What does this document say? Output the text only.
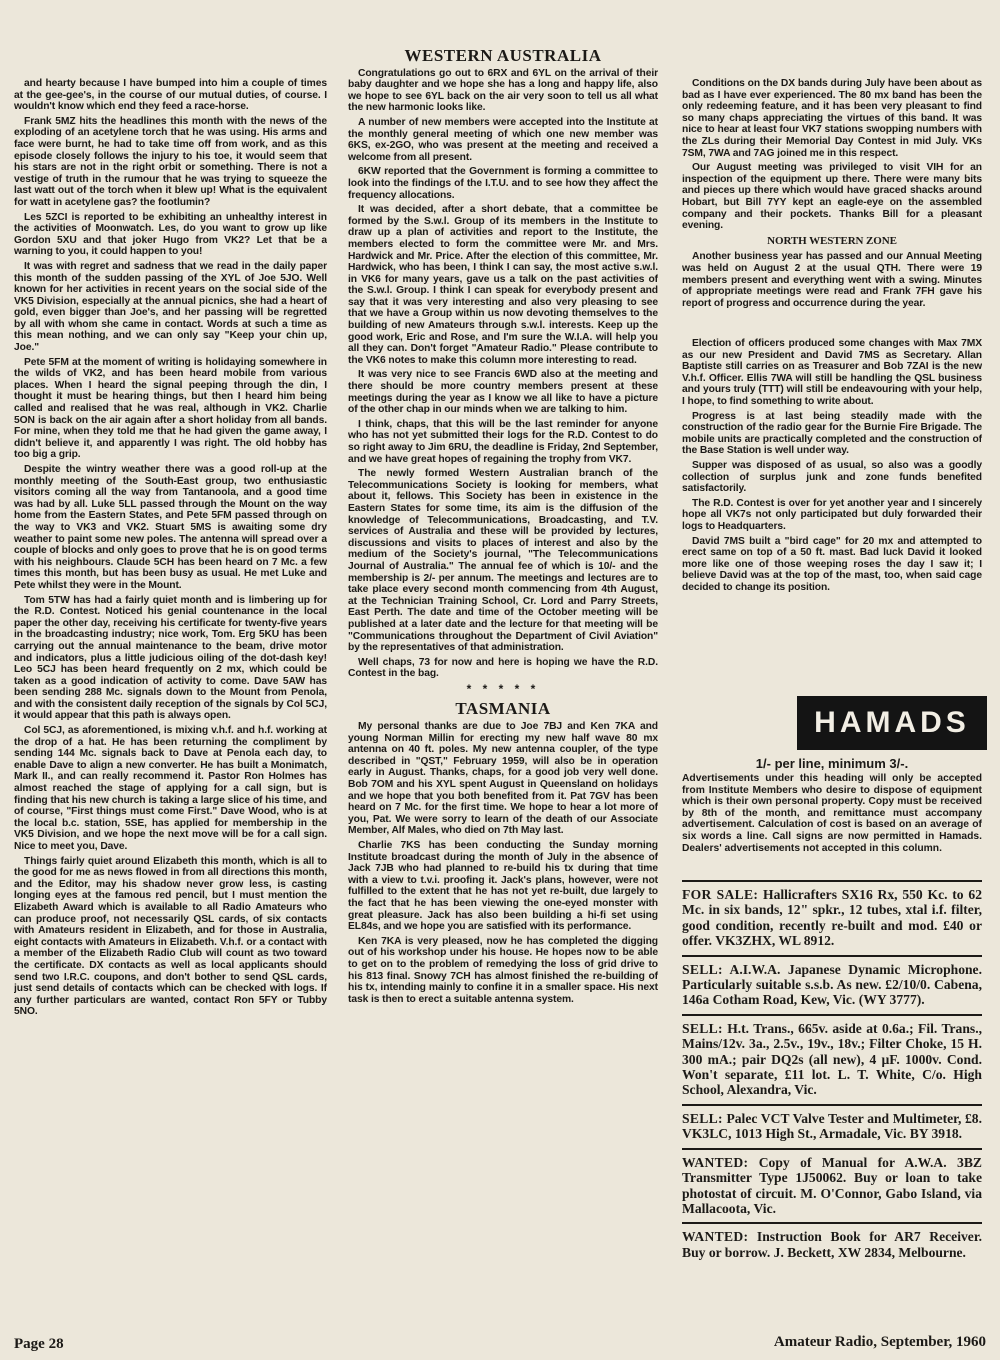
and hearty because I have bumped into him a couple of times at the gee-gee's, in the course of our mutual duties, of course. I wouldn't know which end they feed a race-horse.

Frank 5MZ hits the headlines this month with the news of the exploding of an acetylene torch that he was using. His arms and face were burnt, he had to take time off from work, and as this episode closely follows the injury to his toe, it would seem that his stars are not in the right orbit or something. There is not a vestige of truth in the rumour that he was trying to squeeze the last watt out of the torch when it blew up! What is the equivalent for watt in acetylene gas? the footlumin?

Les 5ZCI is reported to be exhibiting an unhealthy interest in the activities of Moonwatch. Les, do you want to grow up like Gordon 5XU and that joker Hugo from VK2? Let that be a warning to you, it could happen to you!

It was with regret and sadness that we read in the daily paper this month of the sudden passing of the XYL of Joe 5JO. Well known for her activities in recent years on the social side of the VK5 Division, especially at the annual picnics, she had a heart of gold, even bigger than Joe's, and her passing will be regretted by all with whom she came in contact. Words at such a time as this mean nothing, and we can only say "Keep your chin up, Joe."

Pete 5FM at the moment of writing is holidaying somewhere in the wilds of VK2, and has been heard mobile from various places. When I heard the signal peeping through the din, I thought it must be hearing things, but then I heard him being called and realised that he was real, although in VK2. Charlie 5ON is back on the air again after a short holiday from all bands. For mine, when they told me that he had given the game away, I didn't believe it, and apparently I was right. The old hobby has too big a grip.

Despite the wintry weather there was a good roll-up at the monthly meeting of the South-East group, two enthusiastic visitors coming all the way from Tantanoola, and a good time was had by all. Luke 5LL passed through the Mount on the way home from the Eastern States, and Pete 5FM passed through on the way to VK3 and VK2. Stuart 5MS is awaiting some dry weather to paint some new poles. The antenna will spread over a couple of blocks and only goes to prove that he is on good terms with his neighbours. Claude 5CH has been heard on 7 Mc. a few times this month, but has been busy as usual. He met Luke and Pete whilst they were in the Mount.

Tom 5TW has had a fairly quiet month and is limbering up for the R.D. Contest. Noticed his genial countenance in the local paper the other day, receiving his certificate for twenty-five years in the broadcasting industry; nice work, Tom. Erg 5KU has been carrying out the annual maintenance to the beam, drive motor and indicators, plus a little judicious oiling of the dot-dash key! Leo 5CJ has been heard frequently on 2 mx, which could be taken as a good indication of activity to come. Dave 5AW has been sending 288 Mc. signals down to the Mount from Penola, and with the consistent daily reception of the signals by Col 5CJ, it would appear that this path is always open.

Col 5CJ, as aforementioned, is mixing v.h.f. and h.f. working at the drop of a hat. He has been returning the compliment by sending 144 Mc. signals back to Dave at Penola each day, to enable Dave to align a new converter. He has built a Monimatch, Mark II., and can really recommend it. Pastor Ron Holmes has almost reached the stage of applying for a call sign, but is finding that his new church is taking a large slice of his time, and of course, "First things must come First." Dave Wood, who is at the local b.c. station, 5SE, has applied for membership in the VK5 Division, and we hope the next move will be for a call sign. Nice to meet you, Dave.

Things fairly quiet around Elizabeth this month, which is all to the good for me as news flowed in from all directions this month, and the Editor, may his shadow never grow less, is casting longing eyes at the famous red pencil, but I must mention the Elizabeth Award which is available to all Radio Amateurs who can produce proof, not necessarily QSL cards, of six contacts with Amateurs resident in Elizabeth, and for those in Australia, eight contacts with Amateurs in Elizabeth. V.h.f. or a contact with a member of the Elizabeth Radio Club will count as two toward the certificate. DX contacts as well as local applicants should send two I.R.C. coupons, and don't bother to send QSL cards, just send details of contacts which can be checked with logs. If any further particulars are wanted, contact Ron 5FY or Tubby 5NO.

WESTERN AUSTRALIA

Congratulations go out to 6RX and 6YL on the arrival of their baby daughter and we hope she has a long and happy life, also we hope to see 6YL back on the air very soon to tell us all what the new harmonic looks like.

A number of new members were accepted into the Institute at the monthly general meeting of which one new member was 6KS, ex-2GO, who was present at the meeting and received a welcome from all present.

6KW reported that the Government is forming a committee to look into the findings of the I.T.U. and to see how they affect the frequency allocations.

It was decided, after a short debate, that a committee be formed by the S.w.l. Group of its members in the Institute to draw up a plan of activities and report to the Institute, the members elected to form the committee were Mr. and Mrs. Hardwick and Mr. Price. After the election of this committee, Mr. Hardwick, who has been, I think I can say, the most active s.w.l. in VK6 for many years, gave us a talk on the past activities of the S.w.l. Group. I think I can speak for everybody present and say that it was very interesting and also very pleasing to see that we have a Group within us now devoting themselves to the building of new Amateurs through s.w.l. interests. Keep up the good work, Eric and Rose, and I'm sure the W.I.A. will help you all they can. Don't forget "Amateur Radio." Please contribute to the VK6 notes to make this column more interesting to read.

It was very nice to see Francis 6WD also at the meeting and there should be more country members present at these meetings during the year as I know we all like to have a picture of the other chap in our minds when we are talking to him.

I think, chaps, that this will be the last reminder for anyone who has not yet submitted their logs for the R.D. Contest to do so right away to Jim 6RU, the deadline is Friday, 2nd September, and we have great hopes of regaining the trophy from VK7.

The newly formed Western Australian branch of the Telecommunications Society is looking for members, what about it, fellows. This Society has been in existence in the Eastern States for some time, its aim is the diffusion of the knowledge of Telecommunications, Broadcasting, and T.V. services of Australia and these will be provided by lectures, discussions and visits to places of interest and also by the medium of the Society's journal, "The Telecommunications Journal of Australia." The annual fee of which is 10/- and the membership is 2/- per annum. The meetings and lectures are to take place every second month commencing from 4th August, at the Technician Training School, Cr. Lord and Parry Streets, East Perth. The date and time of the October meeting will be published at a later date and the lecture for that meeting will be "Communications throughout the Department of Civil Aviation" by the representatives of that administration.

Well chaps, 73 for now and here is hoping we have the R.D. Contest in the bag.

* * * * *
TASMANIA

My personal thanks are due to Joe 7BJ and Ken 7KA and young Norman Millin for erecting my new half wave 80 mx antenna on 40 ft. poles. My new antenna coupler, of the type described in "QST," February 1959, will also be in operation early in August. Thanks, chaps, for a good job very well done. Bob 7OM and his XYL spent August in Queensland on holidays and we hope that you both benefited from it. Pat 7GV has been heard on 7 Mc. for the first time. We hope to hear a lot more of you, Pat. We were sorry to learn of the death of our Associate Member, Alf Males, who died on 7th May last.

Charlie 7KS has been conducting the Sunday morning Institute broadcast during the month of July in the absence of Jack 7JB who had planned to re-build his tx during that time with a view to t.v.i. proofing it. Jack's plans, however, were not fulfilled to the extent that he has not yet re-built, due largely to the fact that he has been viewing the one-eyed monster with great pleasure. Jack has also been building a hi-fi set using EL84s, and we hope you are satisfied with its performance.

Ken 7KA is very pleased, now he has completed the digging out of his workshop under his house. He hopes now to be able to get on to the problem of remedying the loss of grid drive to his 813 final. Snowy 7CH has almost finished the re-building of his tx, intending mainly to confine it in a smaller space. His next task is then to erect a suitable antenna system.

Conditions on the DX bands during July have been about as bad as I have ever experienced. The 80 mx band has been the only redeeming feature, and it has been very pleasant to find so many chaps appreciating the virtues of this band. It was nice to hear at least four VK7 stations swopping numbers with the ZLs during their Memorial Day Contest in mid July. VKs 7SM, 7WA and 7AG joined me in this respect.

Our August meeting was privileged to visit VIH for an inspection of the equipment up there. There were many bits and pieces up there which would have graced shacks around Hobart, but Bill 7YY kept an eagle-eye on the assembled company and their pockets. Thanks Bill for a pleasant evening.

NORTH WESTERN ZONE

Another business year has passed and our Annual Meeting was held on August 2 at the usual QTH. There were 19 members present and everything went with a swing. Minutes of appropriate meetings were read and Frank 7FH gave his report of progress and occurrence during the year.

Election of officers produced some changes with Max 7MX as our new President and David 7MS as Secretary. Allan Baptiste still carries on as Treasurer and Bob 7ZAI is the new V.h.f. Officer. Ellis 7WA will still be handling the QSL business and yours truly (TTT) will still be endeavouring with your help, I hope, to find something to write about.

Progress is at last being steadily made with the construction of the radio gear for the Burnie Fire Brigade. The mobile units are practically completed and the construction of the Base Station is well under way.

Supper was disposed of as usual, so also was a goodly collection of surplus junk and zone funds benefited satisfactorily.

The R.D. Contest is over for yet another year and I sincerely hope all VK7s not only participated but duly forwarded their logs to Headquarters.

David 7MS built a "bird cage" for 20 mx and attempted to erect same on top of a 50 ft. mast. Bad luck David it looked more like one of those weeping roses the day I saw it; I believe David was at the top of the mast, too, when said cage decided to change its position.

HAMADS
1/- per line, minimum 3/-.
Advertisements under this heading will only be accepted from Institute Members who desire to dispose of equipment which is their own personal property. Copy must be received by 8th of the month, and remittance must accompany advertisement. Calculation of cost is based on an average of six words a line. Call signs are now permitted in Hamads. Dealers' advertisements not accepted in this column.
FOR SALE: Hallicrafters SX16 Rx, 550 Kc. to 62 Mc. in six bands, 12" spkr., 12 tubes, xtal i.f. filter, good condition, recently re-built and mod. £40 or offer. VK3ZHX, WL 8912.
SELL: A.I.W.A. Japanese Dynamic Microphone. Particularly suitable s.s.b. As new. £2/10/0. Cabena, 146a Cotham Road, Kew, Vic. (WY 3777).
SELL: H.t. Trans., 665v. aside at 0.6a.; Fil. Trans., Mains/12v. 3a., 2.5v., 19v., 18v.; Filter Choke, 15 H. 300 mA.; pair DQ2s (all new), 4 µF. 1000v. Cond. Won't separate, £11 lot. L. T. White, C/o. High School, Alexandra, Vic.
SELL: Palec VCT Valve Tester and Multimeter, £8. VK3LC, 1013 High St., Armadale, Vic. BY 3918.
WANTED: Copy of Manual for A.W.A. 3BZ Transmitter Type 1J50062. Buy or loan to take photostat of circuit. M. O'Connor, Gabo Island, via Mallacoota, Vic.
WANTED: Instruction Book for AR7 Receiver. Buy or borrow. J. Beckett, XW 2834, Melbourne.
Page 28	Amateur Radio, September, 1960
